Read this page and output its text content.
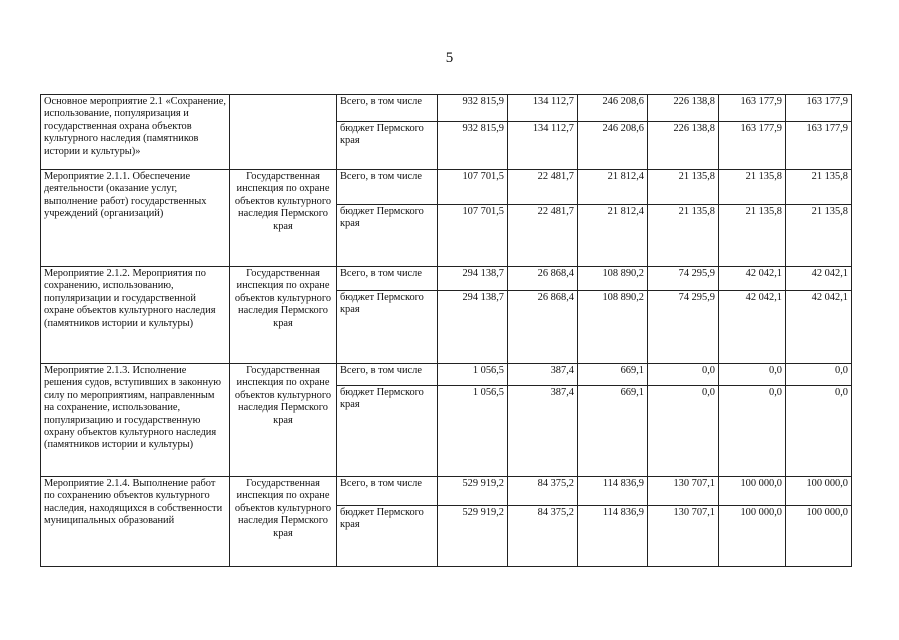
5
Основное мероприятие 2.1 «Сохранение, использование, популяризация и государственная охрана объектов культурного наследия (памятников истории и культуры)»		Всего, в том числе	932 815,9	134 112,7	246 208,6	226 138,8	163 177,9	163 177,9
		бюджет Пермского края	932 815,9	134 112,7	246 208,6	226 138,8	163 177,9	163 177,9
Мероприятие 2.1.1. Обеспечение деятельности (оказание услуг, выполнение работ) государственных учреждений (организаций)	Государственная инспекция по охране объектов культурного наследия Пермского края	Всего, в том числе	107 701,5	22 481,7	21 812,4	21 135,8	21 135,8	21 135,8
		бюджет Пермского края	107 701,5	22 481,7	21 812,4	21 135,8	21 135,8	21 135,8
Мероприятие 2.1.2. Мероприятия по сохранению, использованию, популяризации и государственной охране объектов культурного наследия (памятников истории и культуры)	Государственная инспекция по охране объектов культурного наследия Пермского края	Всего, в том числе	294 138,7	26 868,4	108 890,2	74 295,9	42 042,1	42 042,1
		бюджет Пермского края	294 138,7	26 868,4	108 890,2	74 295,9	42 042,1	42 042,1
Мероприятие 2.1.3. Исполнение решения судов, вступивших в законную силу по мероприятиям, направленным на сохранение, использование, популяризацию и государственную охрану объектов культурного наследия (памятников истории и культуры)	Государственная инспекция по охране объектов культурного наследия Пермского края	Всего, в том числе	1 056,5	387,4	669,1	0,0	0,0	0,0
		бюджет Пермского края	1 056,5	387,4	669,1	0,0	0,0	0,0
Мероприятие 2.1.4. Выполнение работ по сохранению объектов культурного наследия, находящихся в собственности муниципальных образований	Государственная инспекция по охране объектов культурного наследия Пермского края	Всего, в том числе	529 919,2	84 375,2	114 836,9	130 707,1	100 000,0	100 000,0
		бюджет Пермского края	529 919,2	84 375,2	114 836,9	130 707,1	100 000,0	100 000,0
